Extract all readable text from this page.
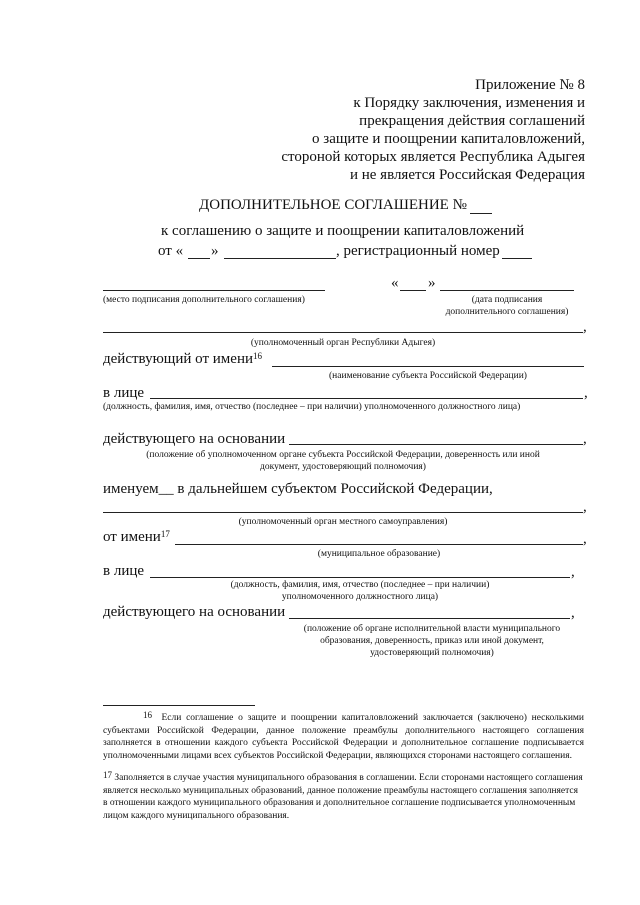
Приложение № 8
к Порядку заключения, изменения и
прекращения действия соглашений
о защите и поощрении капиталовложений,
стороной которых является Республика Адыгея
и не является Российская Федерация
ДОПОЛНИТЕЛЬНОЕ СОГЛАШЕНИЕ №
к соглашению о защите и поощрении капиталовложений
от « »	, регистрационный номер
« »
(место подписания дополнительного соглашения)	(дата подписания
дополнительного соглашения)
,
(уполномоченный орган Республики Адыгея)
действующий от имени$^{16}$
(наименование субъекта Российской Федерации)
в лице	,
(должность, фамилия, имя, отчество (последнее – при наличии) уполномоченного должностного лица)
действующего на основании	,
(положение об уполномоченном органе субъекта Российской Федерации, доверенность или иной
документ, удостоверяющий полномочия)
именуем__ в дальнейшем субъектом Российской Федерации,
,
(уполномоченный орган местного самоуправления)
от имени$^{17}$	,
(муниципальное образование)
в лице	,
(должность, фамилия, имя, отчество (последнее – при наличии)
уполномоченного должностного лица)
действующего на основании	,
(положение об органе исполнительной власти муниципального
образования, доверенность, приказ или иной документ,
удостоверяющий полномочия)
$^{16}$ Если соглашение о защите и поощрении капиталовложений заключается (заключено) несколькими субъектами Российской Федерации, данное положение преамбулы дополнительного настоящего соглашения заполняется в отношении каждого субъекта Российской Федерации и дополнительное соглашение подписывается уполномоченными лицами всех субъектов Российской Федерации, являющихся сторонами настоящего соглашения.
$^{17}$ Заполняется в случае участия муниципального образования в соглашении. Если сторонами настоящего соглашения является несколько муниципальных образований, данное положение преамбулы настоящего соглашения заполняется в отношении каждого муниципального образования и дополнительное соглашение подписывается уполномоченным лицом каждого муниципального образования.
